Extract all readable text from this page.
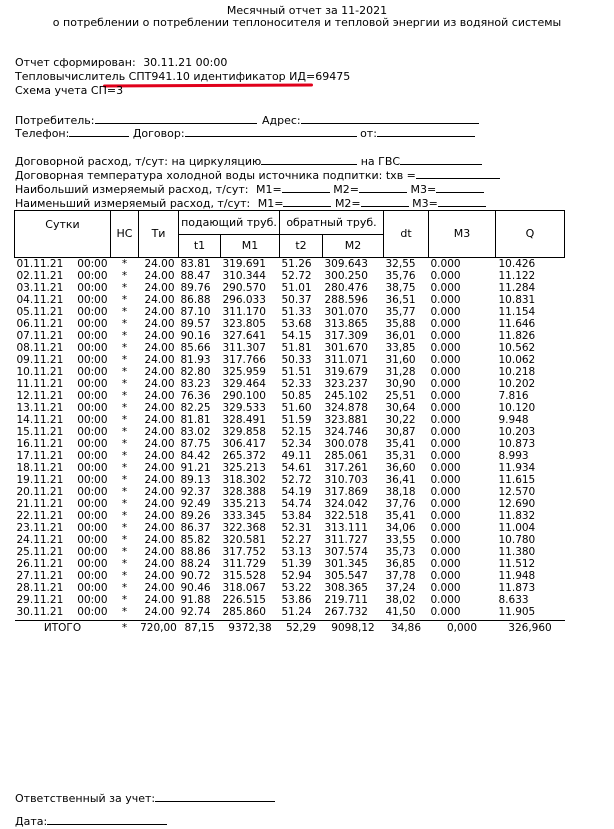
Месячный отчет за 11-2021
о потреблении о потреблении теплоносителя и тепловой энергии из водяной системы
Отчет сформирован: 30.11.21 00:00
Тепловычислитель СПТ941.10 идентификатор ИД=69475
Схема учета СП=3
Потребитель:	Адрес:
Телефон:	Договор:	от:
Договорной расход, т/сут: на циркуляцию	на ГВС
Договорная температура холодной воды источника подпитки: txв =
Наибольший измеряемый расход, т/сут: M1=	M2=	M3=
Наименьший измеряемый расход, т/сут: M1=	M2=	M3=
Сутки	НС	Ти	подающий труб.		обратный труб.		dt	M3	Q
			t1	M1	t2	M2			
01.11.21 00:00	*	24.00	83.81	319.691	51.26	309.643	32,55	0.000	10.426
02.11.21 00:00	*	24.00	88.47	310.344	52.72	300.250	35,76	0.000	11.122
03.11.21 00:00	*	24.00	89.76	290.570	51.01	280.476	38,75	0.000	11.284
04.11.21 00:00	*	24.00	86.88	296.033	50.37	288.596	36,51	0.000	10.831
05.11.21 00:00	*	24.00	87.10	311.170	51.33	301.070	35,77	0.000	11.154
06.11.21 00:00	*	24.00	89.57	323.805	53.68	313.865	35,88	0.000	11.646
07.11.21 00:00	*	24.00	90.16	327.641	54.15	317.309	36,01	0.000	11.826
08.11.21 00:00	*	24.00	85.66	311.307	51.81	301.670	33,85	0.000	10.562
09.11.21 00:00	*	24.00	81.93	317.766	50.33	311.071	31,60	0.000	10.062
10.11.21 00:00	*	24.00	82.80	325.959	51.51	319.679	31,28	0.000	10.218
11.11.21 00:00	*	24.00	83.23	329.464	52.33	323.237	30,90	0.000	10.202
12.11.21 00:00	*	24.00	76.36	290.100	50.85	245.102	25,51	0.000	7.816
13.11.21 00:00	*	24.00	82.25	329.533	51.60	324.878	30,64	0.000	10.120
14.11.21 00:00	*	24.00	81.81	328.491	51.59	323.881	30,22	0.000	9.948
15.11.21 00:00	*	24.00	83.02	329.858	52.15	324.746	30,87	0.000	10.203
16.11.21 00:00	*	24.00	87.75	306.417	52.34	300.078	35,41	0.000	10.873
17.11.21 00:00	*	24.00	84.42	265.372	49.11	285.061	35,31	0.000	8.993
18.11.21 00:00	*	24.00	91.21	325.213	54.61	317.261	36,60	0.000	11.934
19.11.21 00:00	*	24.00	89.13	318.302	52.72	310.703	36,41	0.000	11.615
20.11.21 00:00	*	24.00	92.37	328.388	54.19	317.869	38,18	0.000	12.570
21.11.21 00:00	*	24.00	92.49	335.213	54.74	324.042	37,76	0.000	12.690
22.11.21 00:00	*	24.00	89.26	333.345	53.84	322.518	35,41	0.000	11.832
23.11.21 00:00	*	24.00	86.37	322.368	52.31	313.111	34,06	0.000	11.004
24.11.21 00:00	*	24.00	85.82	320.581	52.27	311.727	33,55	0.000	10.780
25.11.21 00:00	*	24.00	88.86	317.752	53.13	307.574	35,73	0.000	11.380
26.11.21 00:00	*	24.00	88.24	311.729	51.39	301.345	36,85	0.000	11.512
27.11.21 00:00	*	24.00	90.72	315.528	52.94	305.547	37,78	0.000	11.948
28.11.21 00:00	*	24.00	90.46	318.067	53.22	308.365	37,24	0.000	11.873
29.11.21 00:00	*	24.00	91.88	226.515	53.86	219.711	38,02	0.000	8.633
30.11.21 00:00	*	24.00	92.74	285.860	51.24	267.732	41,50	0.000	11.905
ИТОГО	*	720,00	87,15	9372,38	52,29	9098,12	34,86	0,000	326,960
Ответственный за учет:
Дата:
